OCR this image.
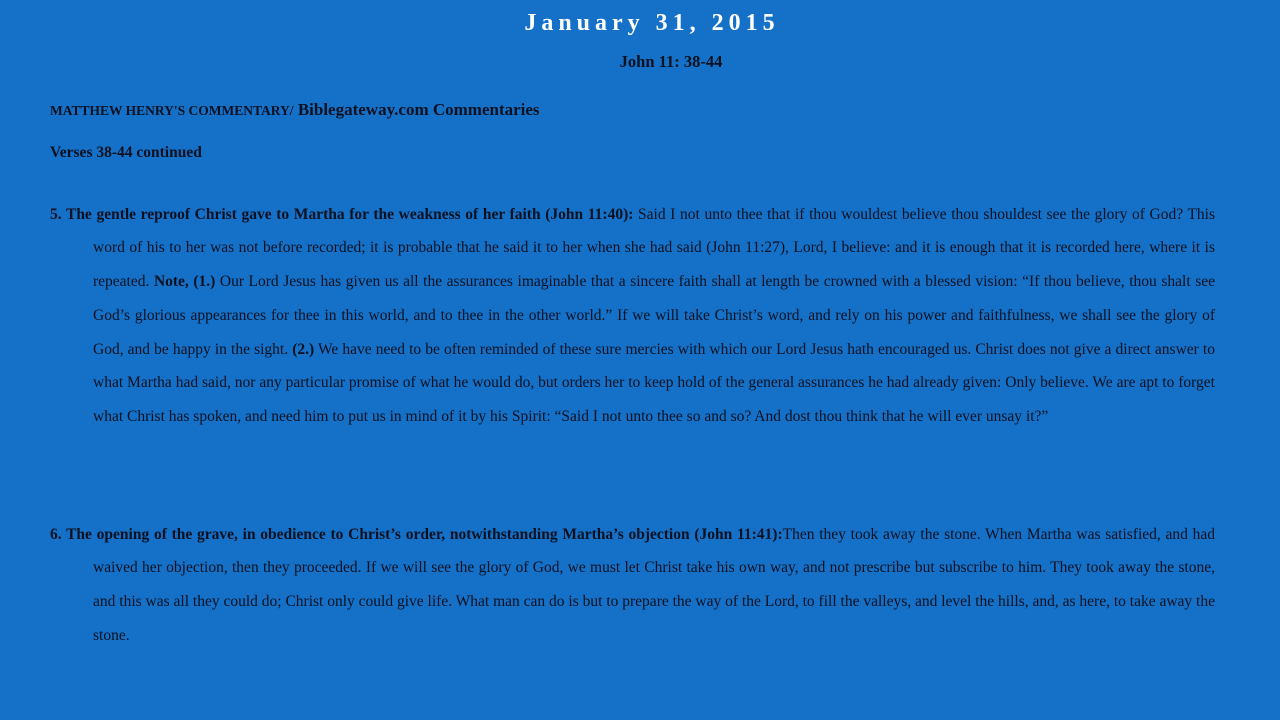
January 31, 2015
John 11: 38-44
MATTHEW HENRY'S COMMENTARY/ Biblegateway.com Commentaries
Verses 38-44 continued

5. The gentle reproof Christ gave to Martha for the weakness of her faith (John 11:40): Said I not unto thee that if thou wouldest believe thou shouldest see the glory of God? This word of his to her was not before recorded; it is probable that he said it to her when she had said (John 11:27), Lord, I believe: and it is enough that it is recorded here, where it is repeated. Note, (1.) Our Lord Jesus has given us all the assurances imaginable that a sincere faith shall at length be crowned with a blessed vision: “If thou believe, thou shalt see God’s glorious appearances for thee in this world, and to thee in the other world.” If we will take Christ’s word, and rely on his power and faithfulness, we shall see the glory of God, and be happy in the sight. (2.) We have need to be often reminded of these sure mercies with which our Lord Jesus hath encouraged us. Christ does not give a direct answer to what Martha had said, nor any particular promise of what he would do, but orders her to keep hold of the general assurances he had already given: Only believe. We are apt to forget what Christ has spoken, and need him to put us in mind of it by his Spirit: “Said I not unto thee so and so? And dost thou think that he will ever unsay it?”

6. The opening of the grave, in obedience to Christ’s order, notwithstanding Martha’s objection (John 11:41):Then they took away the stone. When Martha was satisfied, and had waived her objection, then they proceeded. If we will see the glory of God, we must let Christ take his own way, and not prescribe but subscribe to him. They took away the stone, and this was all they could do; Christ only could give life. What man can do is but to prepare the way of the Lord, to fill the valleys, and level the hills, and, as here, to take away the stone.
